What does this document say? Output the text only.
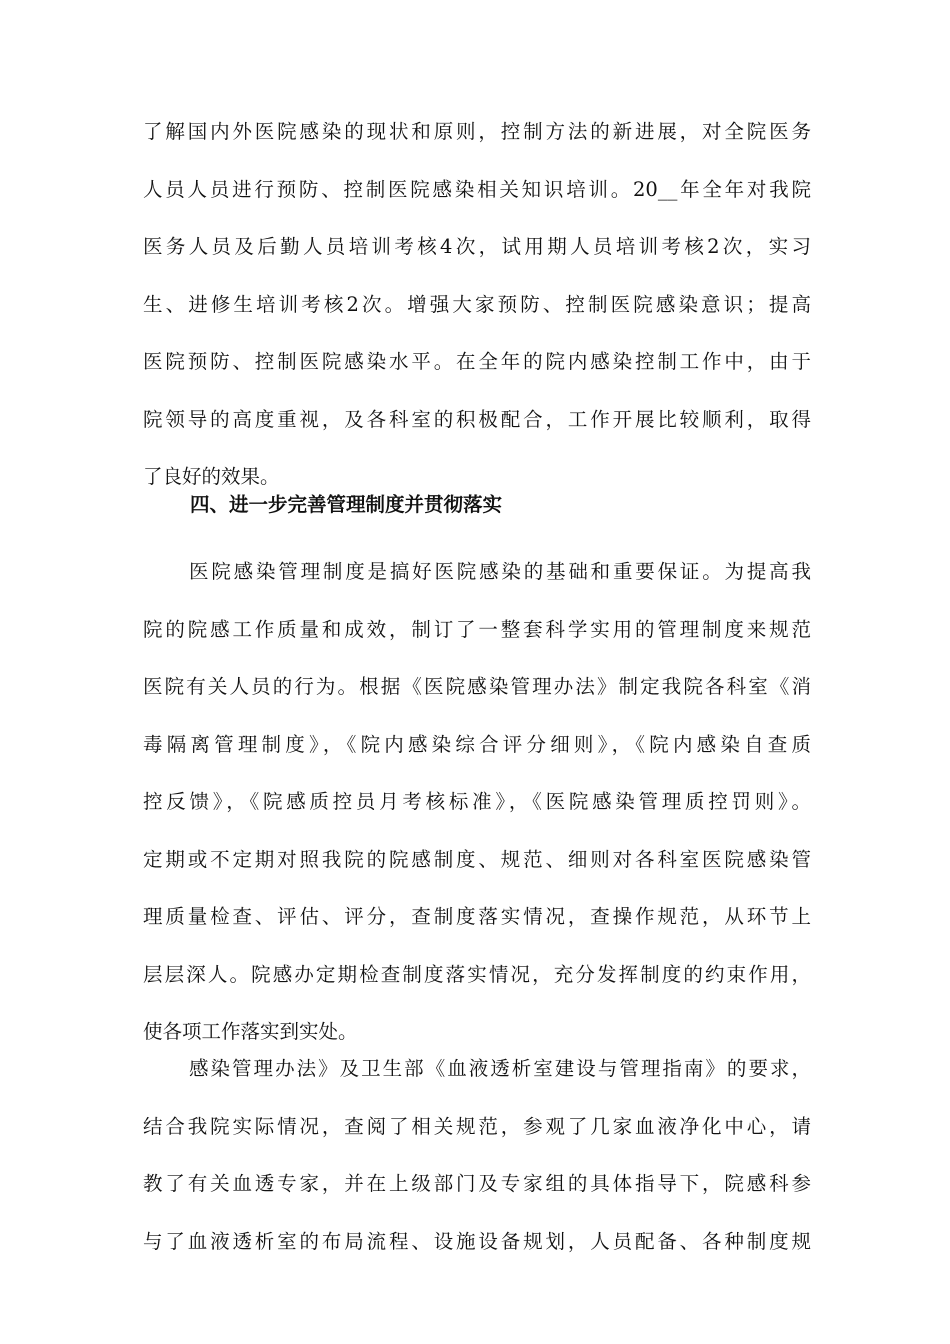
了解国内外医院感染的现状和原则，控制方法的新进展，对全院医务
人员人员进行预防、控制医院感染相关知识培训。20__年全年对我院
医务人员及后勤人员培训考核4次，试用期人员培训考核2次，实习
生、进修生培训考核2次。增强大家预防、控制医院感染意识；提高
医院预防、控制医院感染水平。在全年的院内感染控制工作中，由于
院领导的高度重视，及各科室的积极配合，工作开展比较顺利，取得
了良好的效果。
四、进一步完善管理制度并贯彻落实
医院感染管理制度是搞好医院感染的基础和重要保证。为提高我
院的院感工作质量和成效，制订了一整套科学实用的管理制度来规范
医院有关人员的行为。根据《医院感染管理办法》制定我院各科室《消
毒隔离管理制度》，《院内感染综合评分细则》，《院内感染自查质
控反馈》，《院感质控员月考核标准》，《医院感染管理质控罚则》。
定期或不定期对照我院的院感制度、规范、细则对各科室医院感染管
理质量检查、评估、评分，查制度落实情况，查操作规范，从环节上
层层深人。院感办定期检查制度落实情况，充分发挥制度的约束作用，
使各项工作落实到实处。
感染管理办法》及卫生部《血液透析室建设与管理指南》的要求，
结合我院实际情况，查阅了相关规范，参观了几家血液净化中心，请
教了有关血透专家，并在上级部门及专家组的具体指导下，院感科参
与了血液透析室的布局流程、设施设备规划，人员配备、各种制度规
